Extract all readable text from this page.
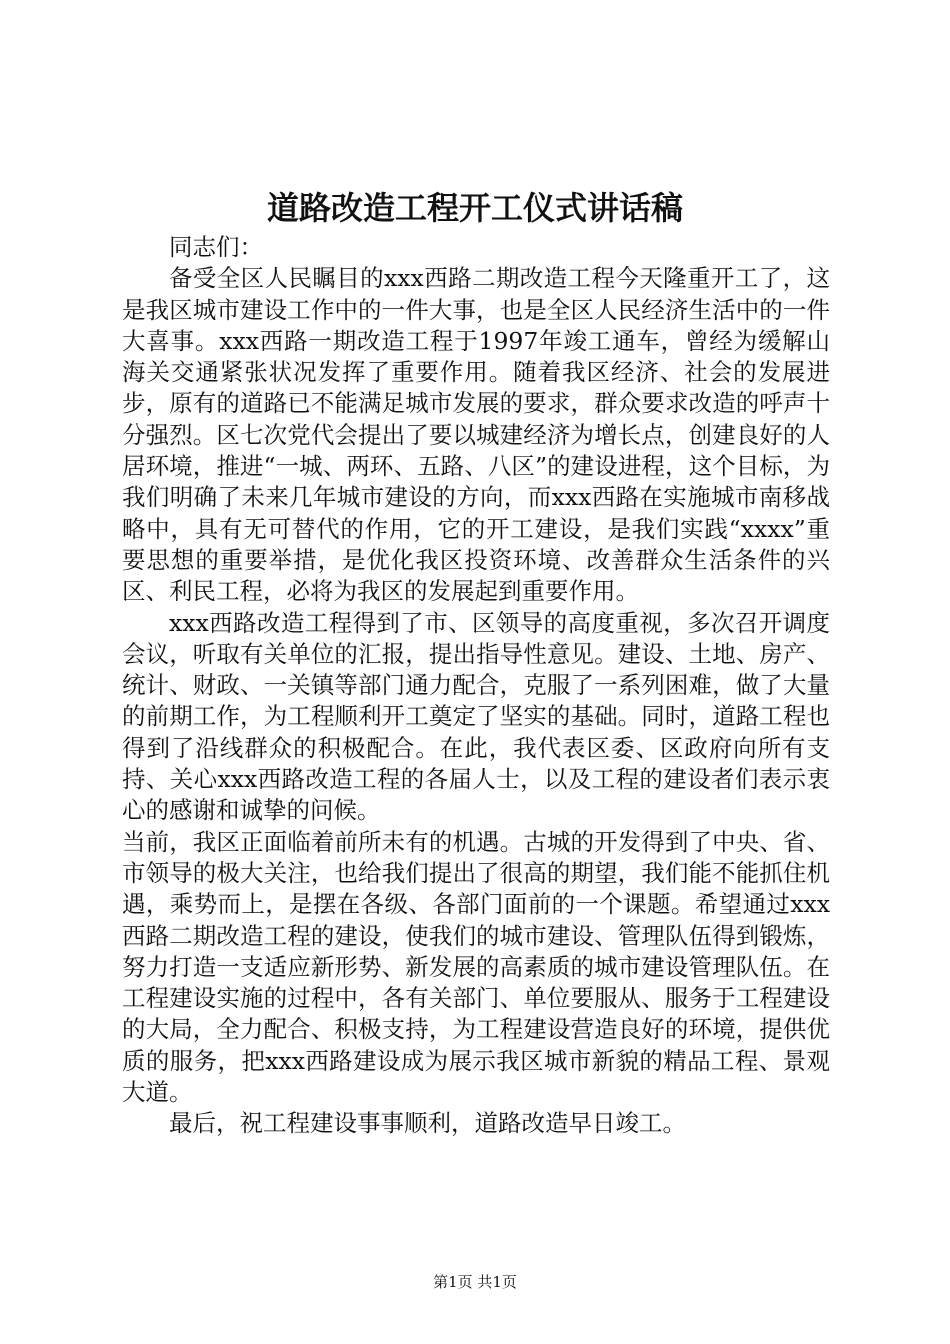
道路改造工程开工仪式讲话稿

同志们：

备受全区人民瞩目的xxx西路二期改造工程今天隆重开工了，这是我区城市建设工作中的一件大事，也是全区人民经济生活中的一件大喜事。xxx西路一期改造工程于1997年竣工通车，曾经为缓解山海关交通紧张状况发挥了重要作用。随着我区经济、社会的发展进步，原有的道路已不能满足城市发展的要求，群众要求改造的呼声十分强烈。区七次党代会提出了要以城建经济为增长点，创建良好的人居环境，推进“一城、两环、五路、八区”的建设进程，这个目标，为我们明确了未来几年城市建设的方向，而xxx西路在实施城市南移战略中，具有无可替代的作用，它的开工建设，是我们实践“xxxx”重要思想的重要举措，是优化我区投资环境、改善群众生活条件的兴区、利民工程，必将为我区的发展起到重要作用。

xxx西路改造工程得到了市、区领导的高度重视，多次召开调度会议，听取有关单位的汇报，提出指导性意见。建设、土地、房产、统计、财政、一关镇等部门通力配合，克服了一系列困难，做了大量的前期工作，为工程顺利开工奠定了坚实的基础。同时，道路工程也得到了沿线群众的积极配合。在此，我代表区委、区政府向所有支持、关心xxx西路改造工程的各届人士，以及工程的建设者们表示衷心的感谢和诚挚的问候。

当前，我区正面临着前所未有的机遇。古城的开发得到了中央、省、市领导的极大关注，也给我们提出了很高的期望，我们能不能抓住机遇，乘势而上，是摆在各级、各部门面前的一个课题。希望通过xxx西路二期改造工程的建设，使我们的城市建设、管理队伍得到锻炼，努力打造一支适应新形势、新发展的高素质的城市建设管理队伍。在工程建设实施的过程中，各有关部门、单位要服从、服务于工程建设的大局，全力配合、积极支持，为工程建设营造良好的环境，提供优质的服务，把xxx西路建设成为展示我区城市新貌的精品工程、景观大道。

最后，祝工程建设事事顺利，道路改造早日竣工。

第1页 共1页
